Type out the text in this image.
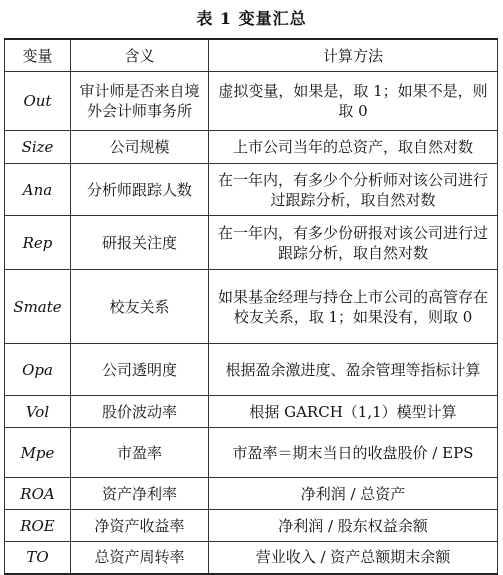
表 1 变量汇总
变量	含义	计算方法
Out	审计师是否来自境外会计师事务所	虚拟变量，如果是，取 1；如果不是，则取 0
Size	公司规模	上市公司当年的总资产，取自然对数
Ana	分析师跟踪人数	在一年内，有多少个分析师对该公司进行过跟踪分析，取自然对数
Rep	研报关注度	在一年内，有多少份研报对该公司进行过跟踪分析，取自然对数
Smate	校友关系	如果基金经理与持仓上市公司的高管存在校友关系，取 1；如果没有，则取 0
Opa	公司透明度	根据盈余激进度、盈余管理等指标计算
Vol	股价波动率	根据 GARCH（1,1）模型计算
Mpe	市盈率	市盈率＝期末当日的收盘股价 / EPS
ROA	资产净利率	净利润 / 总资产
ROE	净资产收益率	净利润 / 股东权益余额
TO	总资产周转率	营业收入 / 资产总额期末余额
